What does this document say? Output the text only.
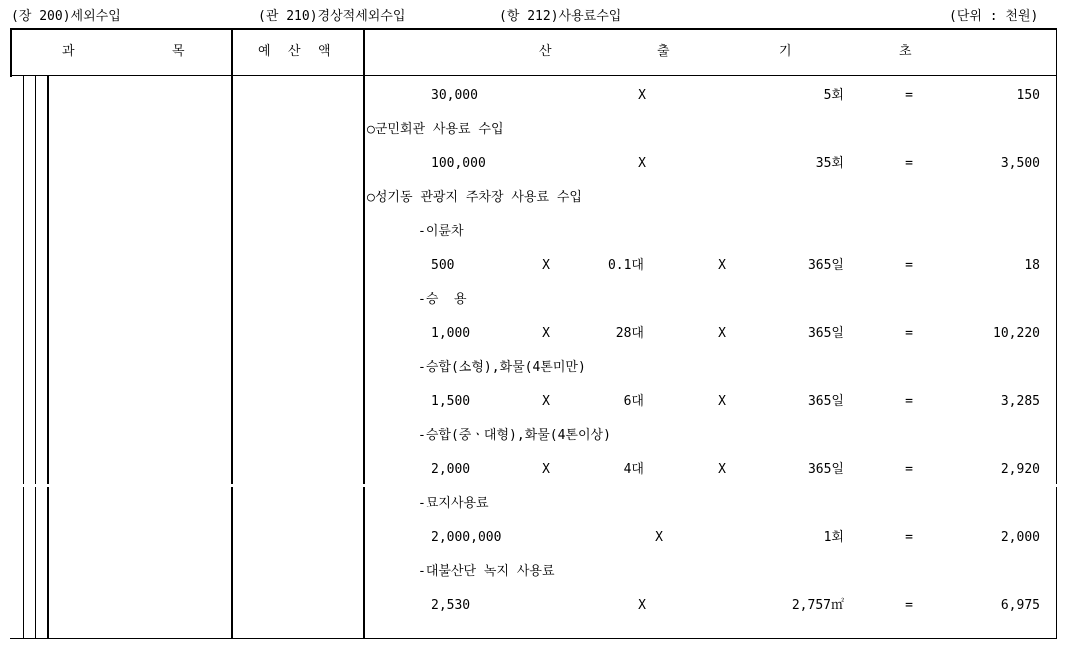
(장 200)세외수입	(관 210)경상적세외수입	(항 212)사용료수입	(단위 : 천원)
과	목	예 산 액	산	출	기	초
30,000	X	5회	=	150
○군민회관 사용료 수입
100,000	X	35회	=	3,500
○성기동 관광지 주차장 사용료 수입
-이륜차
500	X	0.1대	X	365일	=	18
-승  용
1,000	X	28대	X	365일	=	10,220
-승합(소형),화물(4톤미만)
1,500	X	6대	X	365일	=	3,285
-승합(중ㆍ대형),화물(4톤이상)
2,000	X	4대	X	365일	=	2,920
-묘지사용료
2,000,000	X	1회	=	2,000
-대불산단 녹지 사용료
2,530	X	2,757㎡	=	6,975
